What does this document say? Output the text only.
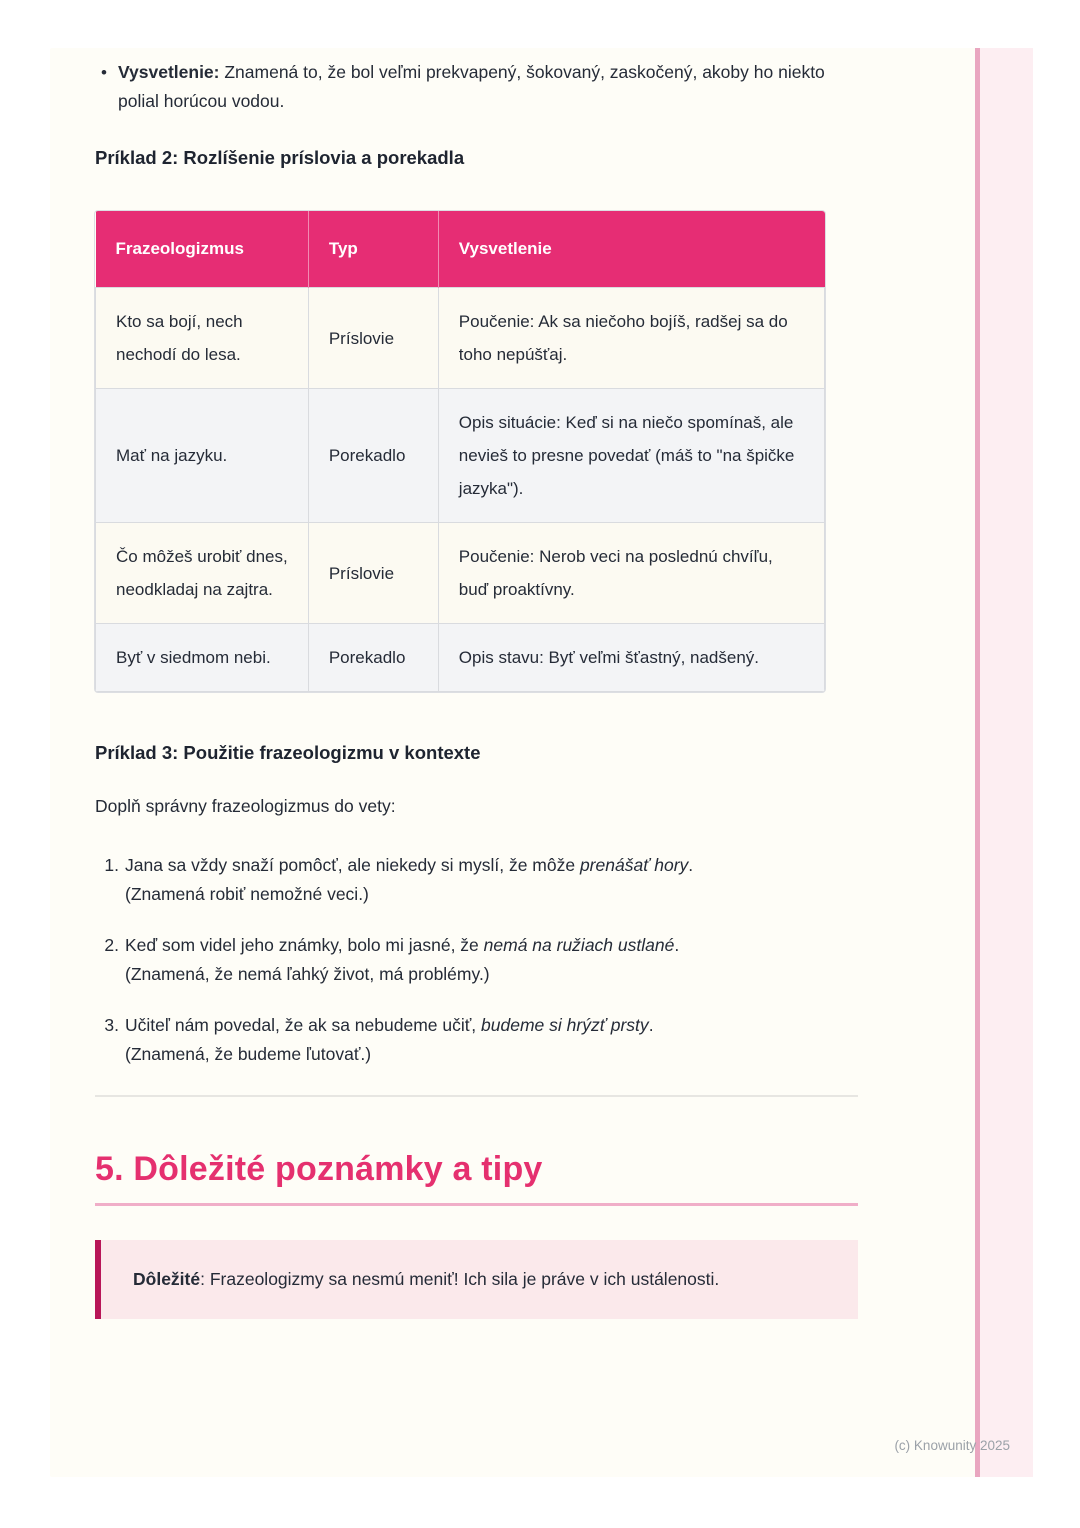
• Vysvetlenie: Znamená to, že bol veľmi prekvapený, šokovaný, zaskočený, akoby ho niekto polial horúcou vodou.

Príklad 2: Rozlíšenie príslovia a porekadla

Frazeologizmus	Typ	Vysvetlenie
Kto sa bojí, nech nechodí do lesa.	Príslovie	Poučenie: Ak sa niečoho bojíš, radšej sa do toho nepúšťaj.
Mať na jazyku.	Porekadlo	Opis situácie: Keď si na niečo spomínaš, ale nevieš to presne povedať (máš to "na špičke jazyka").
Čo môžeš urobiť dnes, neodkladaj na zajtra.	Príslovie	Poučenie: Nerob veci na poslednú chvíľu, buď proaktívny.
Byť v siedmom nebi.	Porekadlo	Opis stavu: Byť veľmi šťastný, nadšený.

Príklad 3: Použitie frazeologizmu v kontexte

Doplň správny frazeologizmus do vety:

1. Jana sa vždy snaží pomôcť, ale niekedy si myslí, že môže prenášať hory.
(Znamená robiť nemožné veci.)
2. Keď som videl jeho známky, bolo mi jasné, že nemá na ružiach ustlané.
(Znamená, že nemá ľahký život, má problémy.)
3. Učiteľ nám povedal, že ak sa nebudeme učiť, budeme si hrýzť prsty.
(Znamená, že budeme ľutovať.)
5. Dôležité poznámky a tipy
Dôležité: Frazeologizmy sa nesmú meniť! Ich sila je práve v ich ustálenosti.
(c) Knowunity 2025
